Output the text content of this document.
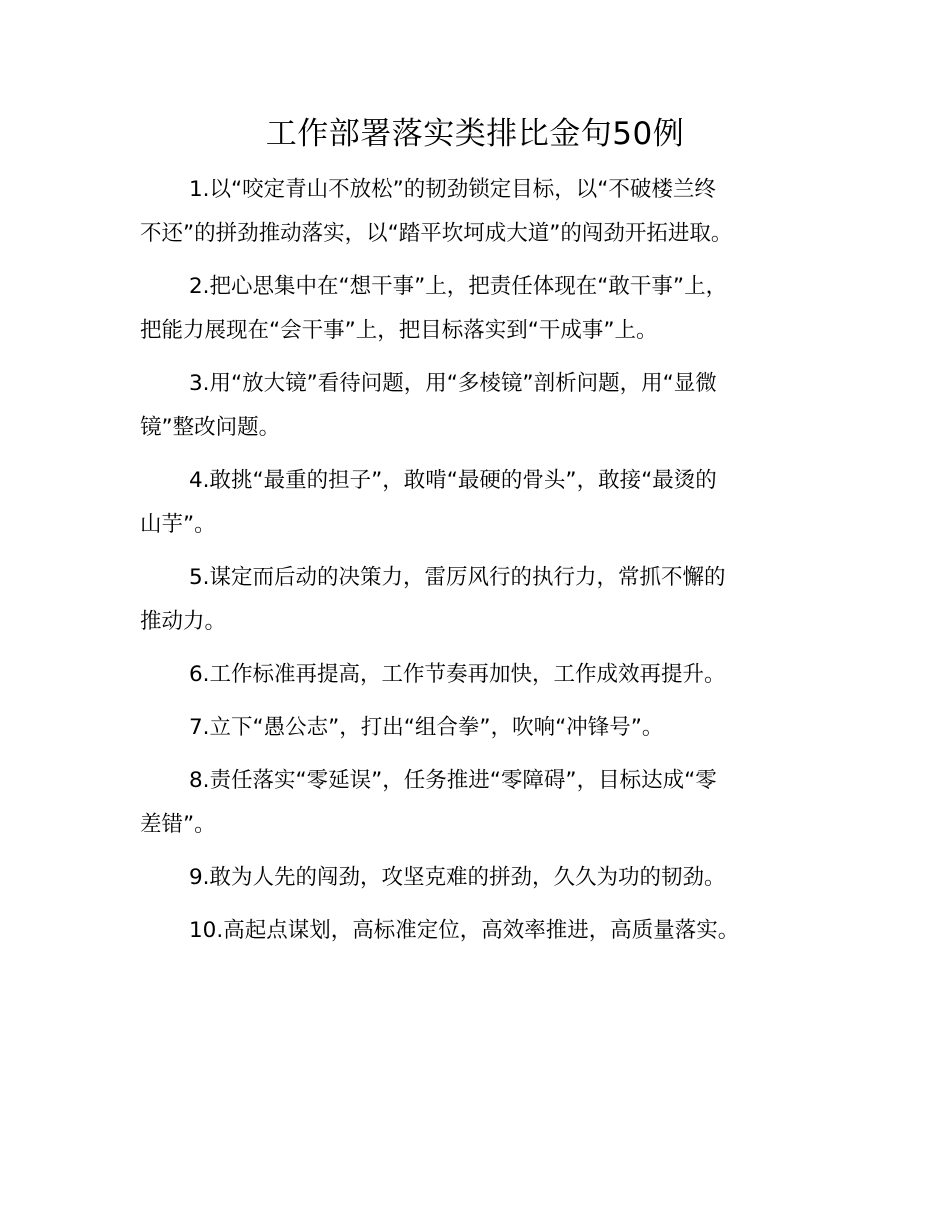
工作部署落实类排比金句50例

1.以“咬定青山不放松”的韧劲锁定目标，以“不破楼兰终
不还”的拼劲推动落实，以“踏平坎坷成大道”的闯劲开拓进取。

2.把心思集中在“想干事”上，把责任体现在“敢干事”上，
把能力展现在“会干事”上，把目标落实到“干成事”上。

3.用“放大镜”看待问题，用“多棱镜”剖析问题，用“显微
镜”整改问题。

4.敢挑“最重的担子”，敢啃“最硬的骨头”，敢接“最烫的
山芋”。

5.谋定而后动的决策力，雷厉风行的执行力，常抓不懈的
推动力。

6.工作标准再提高，工作节奏再加快，工作成效再提升。

7.立下“愚公志”，打出“组合拳”，吹响“冲锋号”。

8.责任落实“零延误”，任务推进“零障碍”，目标达成“零
差错”。

9.敢为人先的闯劲，攻坚克难的拼劲，久久为功的韧劲。

10.高起点谋划，高标准定位，高效率推进，高质量落实。
